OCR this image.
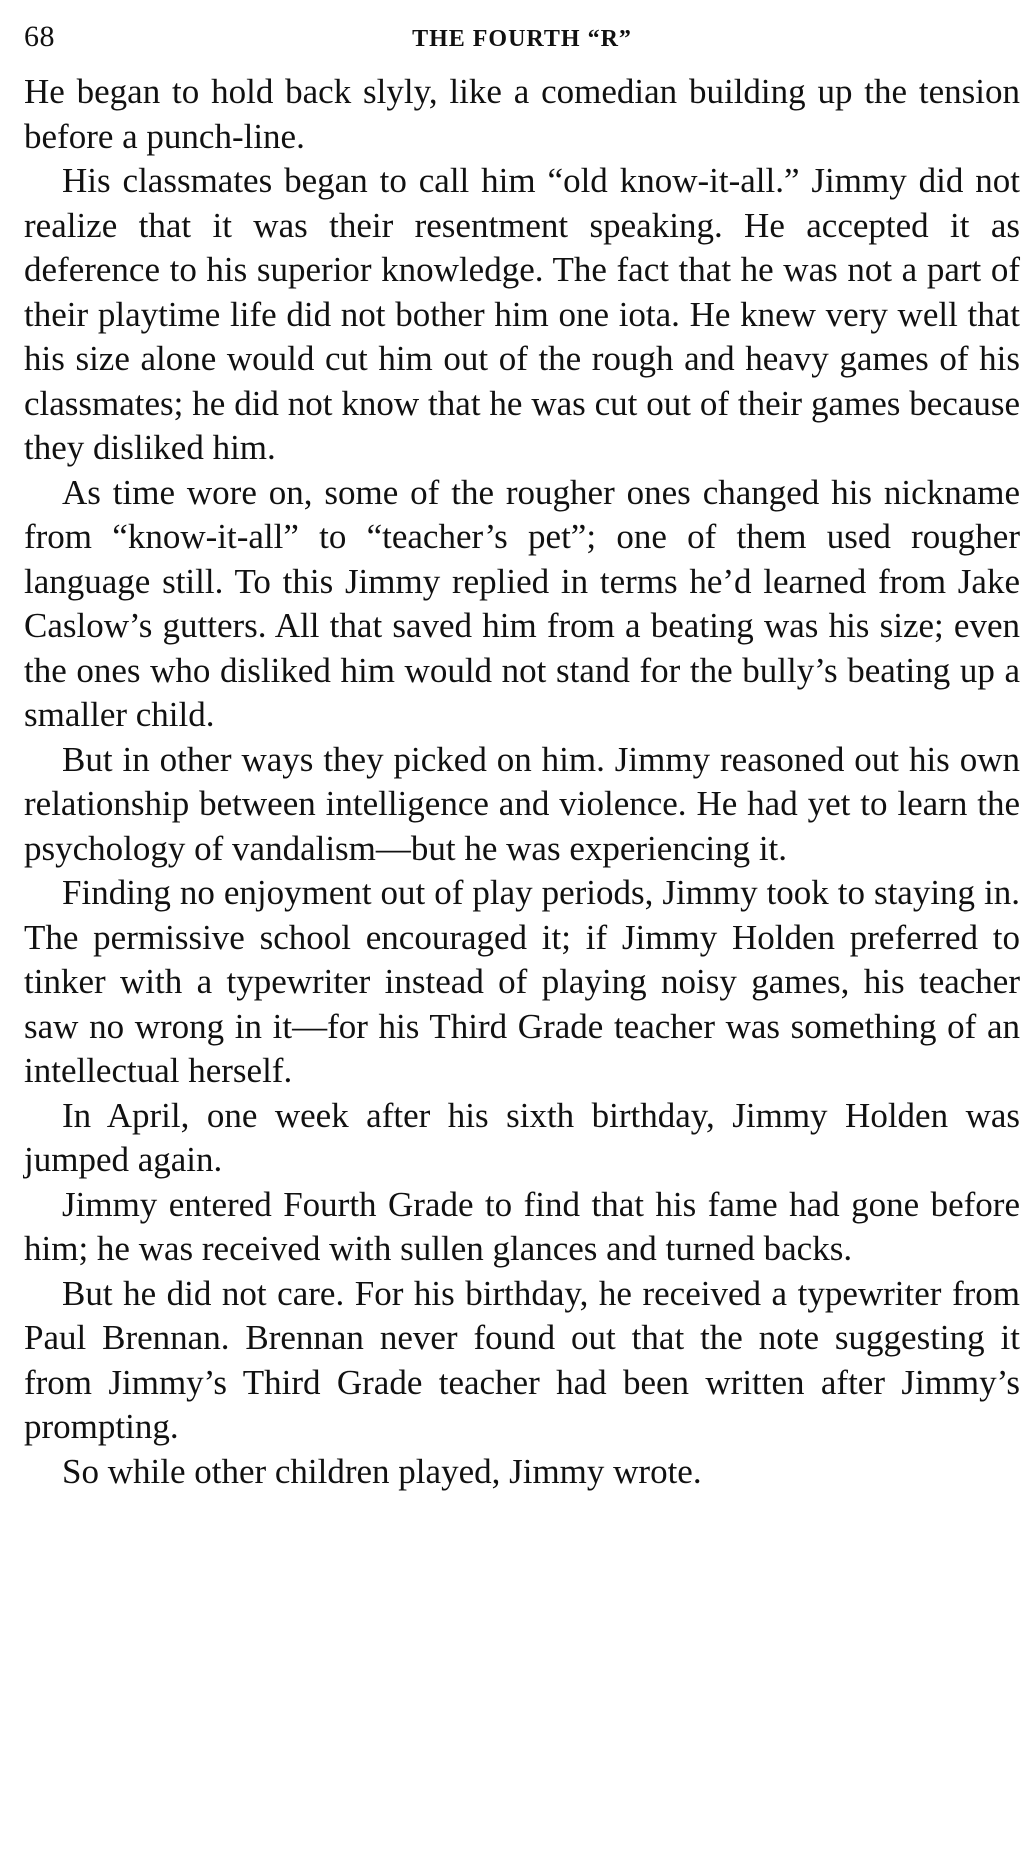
68	THE FOURTH “R”

He began to hold back slyly, like a comedian building up the tension before a punch-line.

His classmates began to call him “old know-it-all.” Jimmy did not realize that it was their resentment speaking. He accepted it as deference to his superior knowledge. The fact that he was not a part of their playtime life did not bother him one iota. He knew very well that his size alone would cut him out of the rough and heavy games of his classmates; he did not know that he was cut out of their games because they disliked him.

As time wore on, some of the rougher ones changed his nickname from “know-it-all” to “teacher’s pet”; one of them used rougher language still. To this Jimmy replied in terms he’d learned from Jake Caslow’s gutters. All that saved him from a beating was his size; even the ones who disliked him would not stand for the bully’s beating up a smaller child.

But in other ways they picked on him. Jimmy reasoned out his own relationship between intelligence and violence. He had yet to learn the psychology of vandalism—but he was experiencing it.

Finding no enjoyment out of play periods, Jimmy took to staying in. The permissive school encouraged it; if Jimmy Holden preferred to tinker with a typewriter instead of playing noisy games, his teacher saw no wrong in it—for his Third Grade teacher was something of an intellectual herself.

In April, one week after his sixth birthday, Jimmy Holden was jumped again.

Jimmy entered Fourth Grade to find that his fame had gone before him; he was received with sullen glances and turned backs.

But he did not care. For his birthday, he received a typewriter from Paul Brennan. Brennan never found out that the note suggesting it from Jimmy’s Third Grade teacher had been written after Jimmy’s prompting.

So while other children played, Jimmy wrote.
